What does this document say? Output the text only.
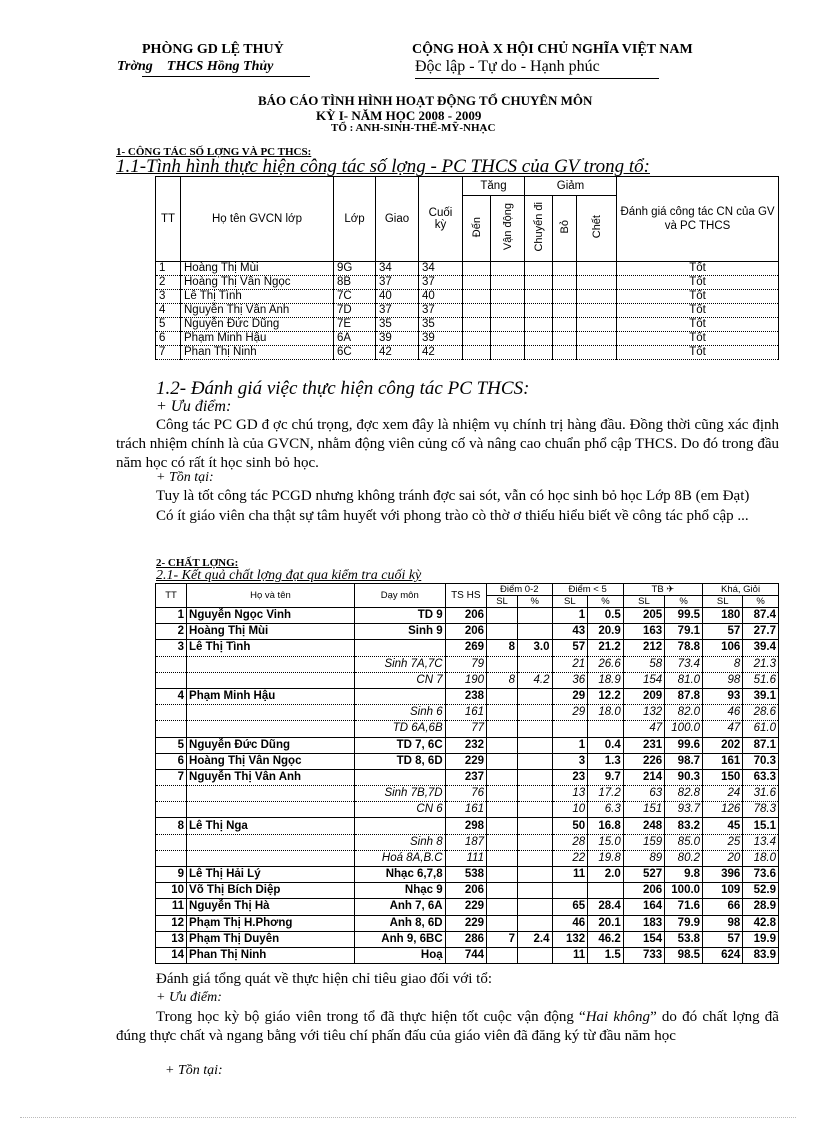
PHÒNG GD LỆ THUỶ
Trờng THCS Hồng Thủy
CỘNG HOÀ X HỘI CHỦ NGHĨA VIỆT NAM
Độc lập - Tự do - Hạnh phúc
BÁO CÁO TÌNH HÌNH HOẠT ĐỘNG TỔ CHUYÊN MÔN
KỲ I- NĂM HỌC 2008 - 2009
TỔ : ANH-SINH-THỂ-MỸ-NHẠC
1- CÔNG TÁC SỐ LỢNG VÀ PC THCS:
1.1-Tình hình thực hiện công tác số lợng - PC THCS của GV trong tổ:
TT	Họ tên GVCN lớp	Lớp	Giao	Cuối kỳ	Tăng		Giảm			Đánh giá công tác CN của GV và PC THCS
					Đến	Vận động	Chuyển đi	Bỏ	Chết	
1	Hoàng Thị Mùi	9G	34	34						Tốt
2	Hoàng Thị Vân Ngọc	8B	37	37						Tốt
3	Lê Thị Tình	7C	40	40						Tốt
4	Nguyễn Thị Vân Anh	7D	37	37						Tốt
5	Nguyễn Đức Dũng	7E	35	35						Tốt
6	Phạm Minh Hậu	6A	39	39						Tốt
7	Phan Thị Ninh	6C	42	42						Tốt
1.2- Đánh giá việc thực hiện công tác PC THCS:
+ Ưu điểm:

Công tác PC GD đ ợc chú trọng, đợc xem đây là nhiệm vụ chính trị hàng đầu. Đồng thời cũng xác định trách nhiệm chính là của GVCN, nhằm động viên củng cố và nâng cao chuẩn phổ cập THCS. Do đó trong đầu năm học có rất ít học sinh bỏ học.

+ Tồn tại:

Tuy là tốt công tác PCGD nhưng không tránh đợc sai sót, vẫn có học sinh bỏ học Lớp 8B (em Đạt)

Có ít giáo viên cha thật sự tâm huyết với phong trào cò thờ ơ thiếu hiểu biết về công tác phổ cập ...

2- CHẤT LỢNG:
2.1- Kết quả chất lợng đạt qua kiểm tra cuối kỳ
TT	Họ và tên	Dạy môn	TS HS	Điểm 0-2		Điểm < 5		TB ✈		Khá, Giỏi	
				SL	%	SL	%	SL	%	SL	%
1	Nguyễn Ngọc Vinh	TD 9	206			1	0.5	205	99.5	180	87.4
2	Hoàng Thị Mùi	Sinh 9	206			43	20.9	163	79.1	57	27.7
3	Lê Thị Tình		269	8	3.0	57	21.2	212	78.8	106	39.4
		Sinh 7A,7C	79			21	26.6	58	73.4	8	21.3
		CN 7	190	8	4.2	36	18.9	154	81.0	98	51.6
4	Phạm Minh Hậu		238			29	12.2	209	87.8	93	39.1
		Sinh 6	161			29	18.0	132	82.0	46	28.6
		TD 6A,6B	77					47	100.0	47	61.0
5	Nguyễn Đức Dũng	TD 7, 6C	232			1	0.4	231	99.6	202	87.1
6	Hoàng Thị Vân Ngọc	TD 8, 6D	229			3	1.3	226	98.7	161	70.3
7	Nguyễn Thị Vân Anh		237			23	9.7	214	90.3	150	63.3
		Sinh 7B,7D	76			13	17.2	63	82.8	24	31.6
		CN 6	161			10	6.3	151	93.7	126	78.3
8	Lê Thị Nga		298			50	16.8	248	83.2	45	15.1
		Sinh 8	187			28	15.0	159	85.0	25	13.4
		Hoá 8A,B.C	111			22	19.8	89	80.2	20	18.0
9	Lê Thị Hải Lý	Nhạc 6,7,8	538			11	2.0	527	9.8	396	73.6
10	Võ Thị Bích Diệp	Nhạc 9	206					206	100.0	109	52.9
11	Nguyễn Thị Hà	Anh 7, 6A	229			65	28.4	164	71.6	66	28.9
12	Phạm Thị H.Phơng	Anh 8, 6D	229			46	20.1	183	79.9	98	42.8
13	Phạm Thị Duyên	Anh 9, 6BC	286	7	2.4	132	46.2	154	53.8	57	19.9
14	Phan Thị Ninh	Hoạ	744			11	1.5	733	98.5	624	83.9
Đánh giá tổng quát về thực hiện chỉ tiêu giao đối với tổ:
+ Ưu điểm:

Trong học kỳ bộ giáo viên trong tổ đã thực hiện tốt cuộc vận động “Hai không” do đó chất lợng đã đúng thực chất và ngang bằng với tiêu chí phấn đấu của giáo viên đã đăng ký từ đầu năm học

+ Tồn tại:
